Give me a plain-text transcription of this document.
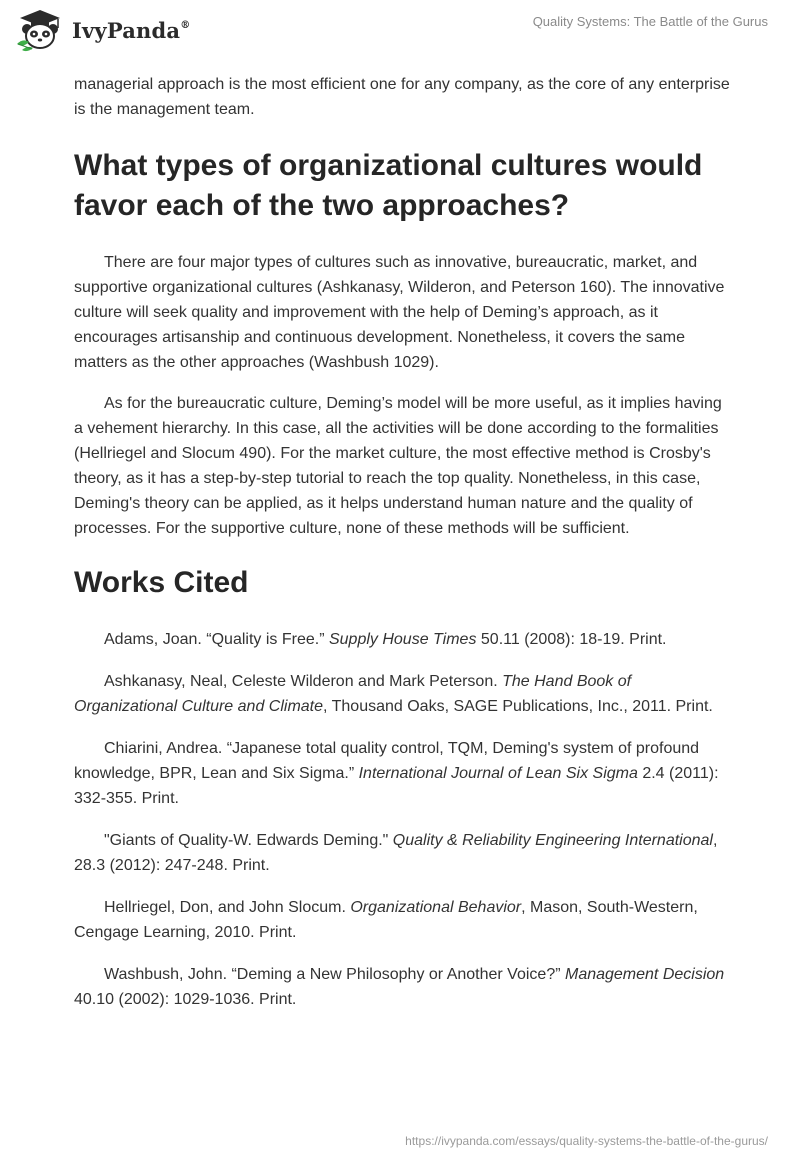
IvyPanda®	Quality Systems: The Battle of the Gurus

managerial approach is the most efficient one for any company, as the core of any enterprise is the management team.

What types of organizational cultures would favor each of the two approaches?

There are four major types of cultures such as innovative, bureaucratic, market, and supportive organizational cultures (Ashkanasy, Wilderon, and Peterson 160). The innovative culture will seek quality and improvement with the help of Deming’s approach, as it encourages artisanship and continuous development. Nonetheless, it covers the same matters as the other approaches (Washbush 1029).

As for the bureaucratic culture, Deming’s model will be more useful, as it implies having a vehement hierarchy. In this case, all the activities will be done according to the formalities (Hellriegel and Slocum 490). For the market culture, the most effective method is Crosby's theory, as it has a step-by-step tutorial to reach the top quality. Nonetheless, in this case, Deming's theory can be applied, as it helps understand human nature and the quality of processes. For the supportive culture, none of these methods will be sufficient.

Works Cited
Adams, Joan. “Quality is Free.” Supply House Times 50.11 (2008): 18-19. Print.
Ashkanasy, Neal, Celeste Wilderon and Mark Peterson. The Hand Book of Organizational Culture and Climate, Thousand Oaks, SAGE Publications, Inc., 2011. Print.
Chiarini, Andrea. “Japanese total quality control, TQM, Deming's system of profound knowledge, BPR, Lean and Six Sigma.” International Journal of Lean Six Sigma 2.4 (2011): 332-355. Print.
"Giants of Quality-W. Edwards Deming." Quality & Reliability Engineering International, 28.3 (2012): 247-248. Print.
Hellriegel, Don, and John Slocum. Organizational Behavior, Mason, South-Western, Cengage Learning, 2010. Print.
Washbush, John. “Deming a New Philosophy or Another Voice?” Management Decision 40.10 (2002): 1029-1036. Print.
https://ivypanda.com/essays/quality-systems-the-battle-of-the-gurus/
